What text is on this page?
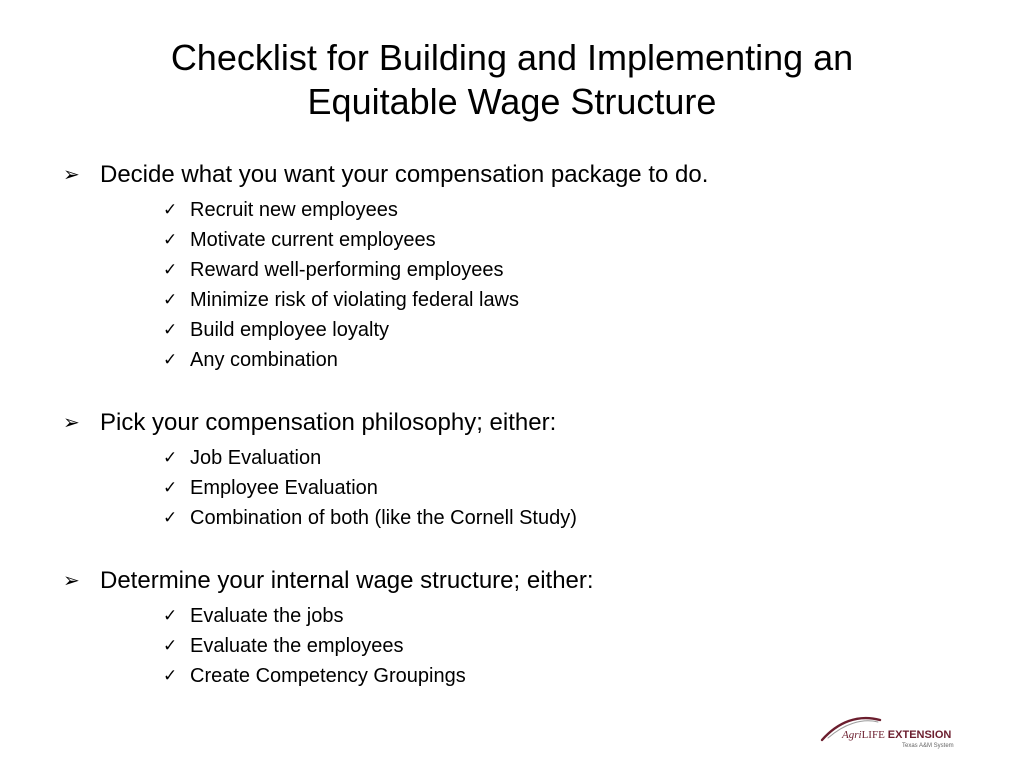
Checklist for Building and Implementing an
Equitable Wage Structure
➢ Decide what you want your compensation package to do.
✓ Recruit new employees
✓ Motivate current employees
✓ Reward well-performing employees
✓ Minimize risk of violating federal laws
✓ Build employee loyalty
✓ Any combination
➢ Pick your compensation philosophy; either:
✓ Job Evaluation
✓ Employee Evaluation
✓ Combination of both (like the Cornell Study)
➢ Determine your internal wage structure; either:
✓ Evaluate the jobs
✓ Evaluate the employees
✓ Create Competency Groupings
AgriLIFE EXTENSION
Texas A&M System
